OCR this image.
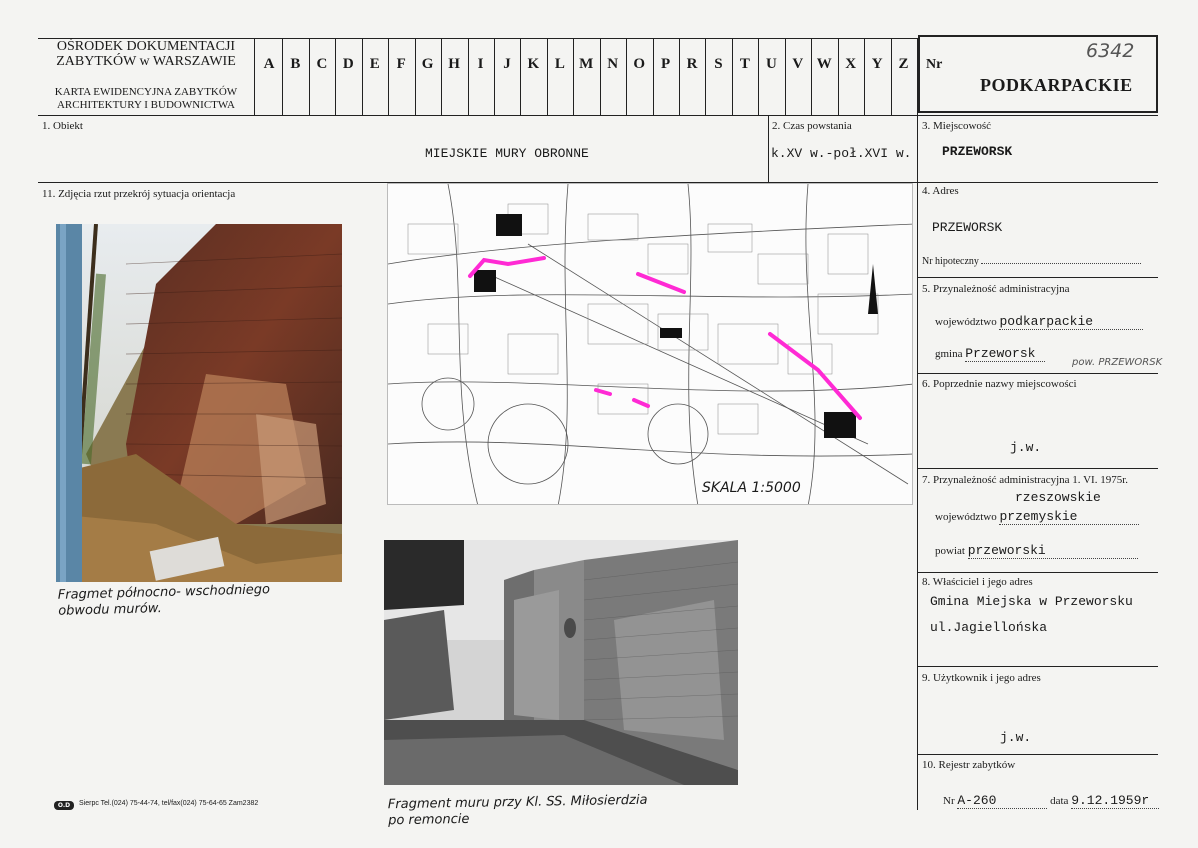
OŚRODEK DOKUMENTACJI
ZABYTKÓW w WARSZAWIE
KARTA EWIDENCYJNA ZABYTKÓW
ARCHITEKTURY I BUDOWNICTWA
A	B	C	D	E	F	G H	I	J	K	L M N	O	P	R	S	T	U	V W X	Y	Z	Nr
6342
PODKARPACKIE
1. Obiekt
MIEJSKIE MURY OBRONNE
2. Czas powstania
k.XV w.-poł.XVI w.
3. Miejscowość
PRZEWORSK
11. Zdjęcia rzut przekrój sytuacja orientacja
Fragmet północno- wschodniego
obwodu murów.
SKALA 1:5000
Fragment muru przy Kl. SS. Miłosierdzia
po remoncie
O.D	Sierpc Tel.(024) 75-44-74, tel/fax(024) 75-64-65 Zam2382
4. Adres
PRZEWORSK
Nr hipoteczny
5. Przynależność administracyjna
województwo podkarpackie
gmina Przeworsk
pow. PRZEWORSK
6. Poprzednie nazwy miejscowości
j.w.
7. Przynależność administracyjna 1. VI. 1975r.
rzeszowskie
województwo przemyskie
powiat przeworski
8. Właściciel i jego adres
Gmina Miejska w Przeworsku
ul.Jagiellońska
9. Użytkownik i jego adres
j.w.
10. Rejestr zabytków
Nr A-260	data 9.12.1959r
